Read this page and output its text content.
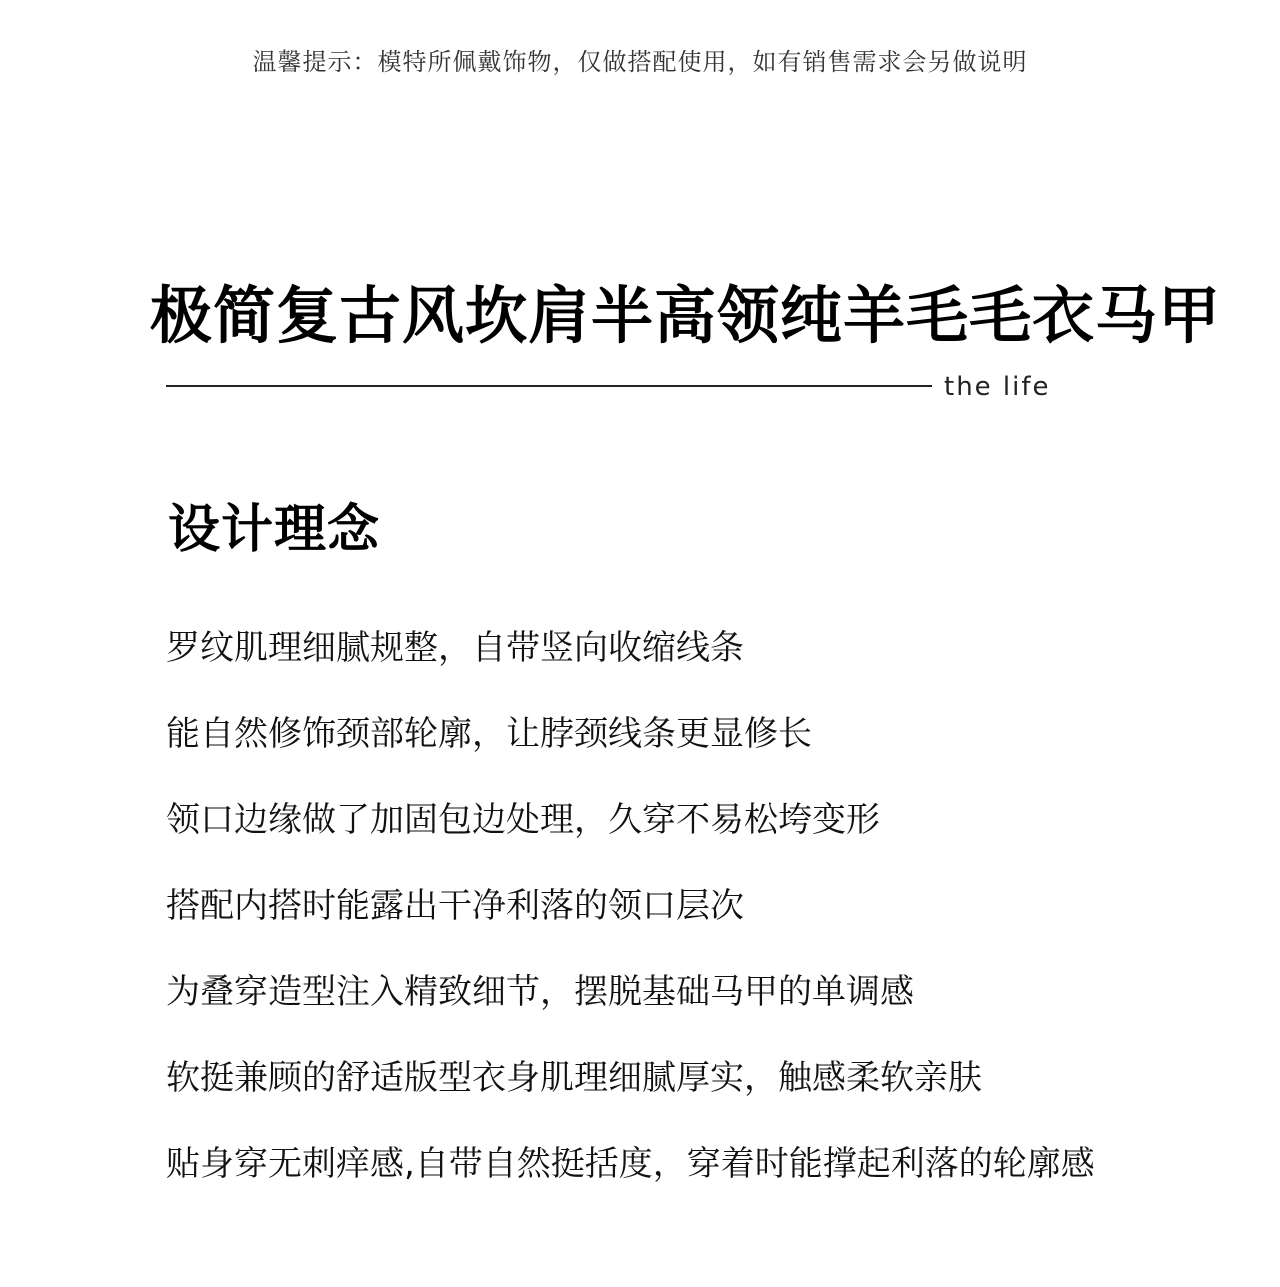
温馨提示：模特所佩戴饰物，仅做搭配使用，如有销售需求会另做说明
极简复古风坎肩半高领纯羊毛毛衣马甲
the life
设计理念
罗纹肌理细腻规整，自带竖向收缩线条
能自然修饰颈部轮廓，让脖颈线条更显修长
领口边缘做了加固包边处理，久穿不易松垮变形
搭配内搭时能露出干净利落的领口层次
为叠穿造型注入精致细节，摆脱基础马甲的单调感
软挺兼顾的舒适版型衣身肌理细腻厚实，触感柔软亲肤
贴身穿无刺痒感,自带自然挺括度，穿着时能撑起利落的轮廓感
